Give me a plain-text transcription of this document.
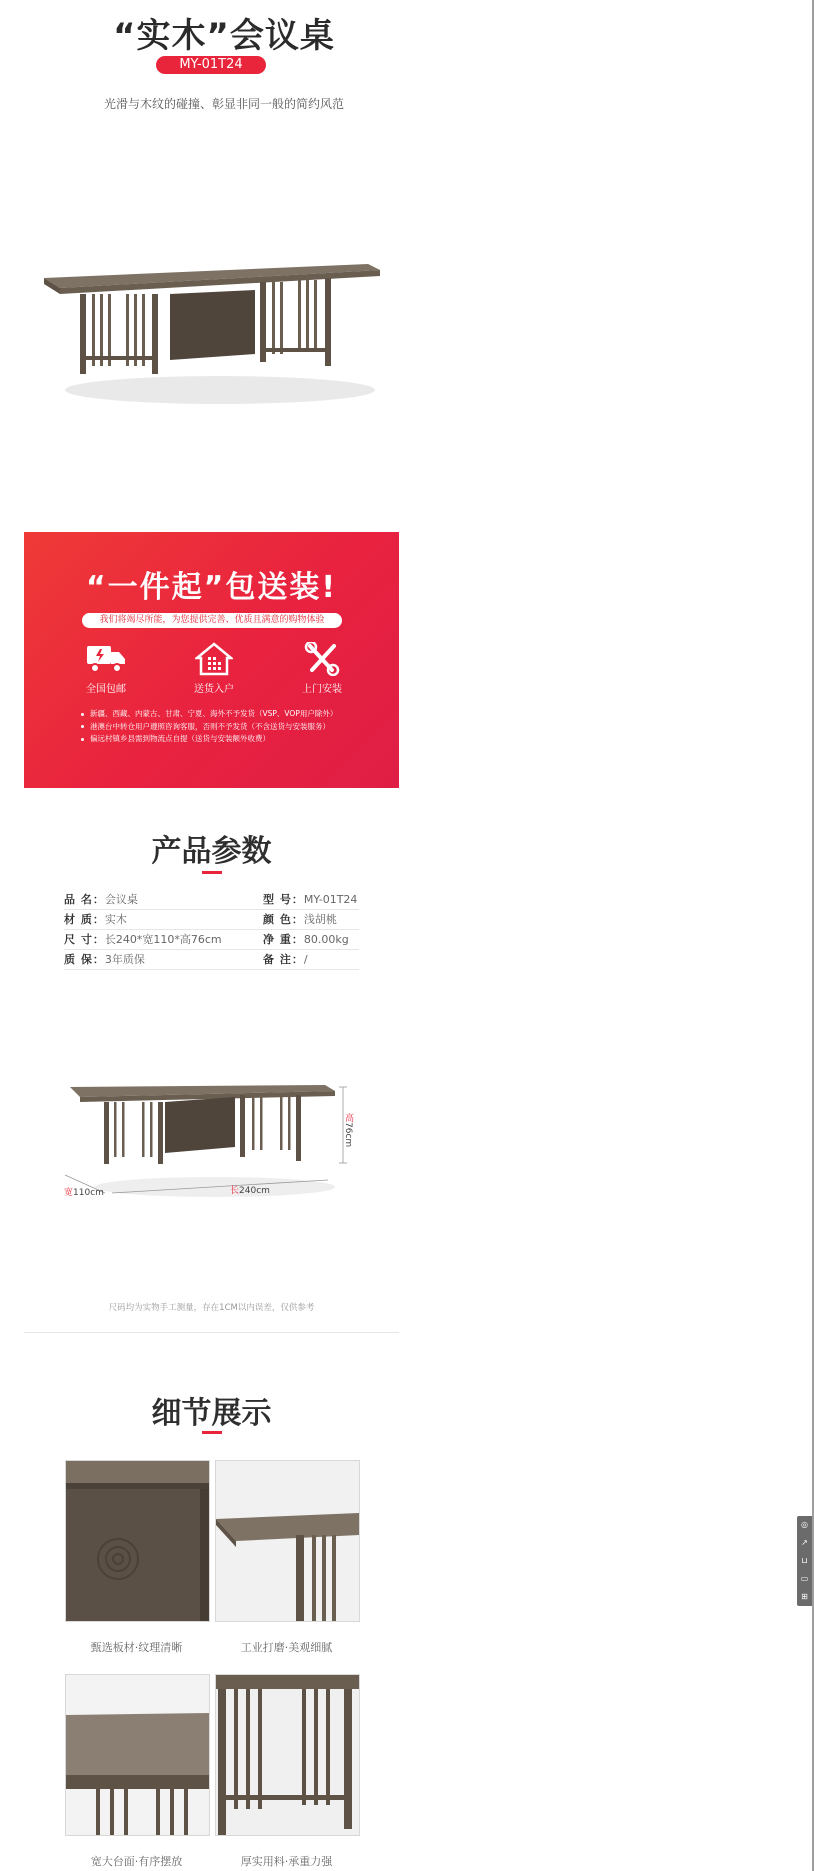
“实木”会议桌
MY-01T24
光滑与木纹的碰撞、彰显非同一般的简约风范
“一件起”包送装!
我们将竭尽所能，为您提供完善、优质且满意的购物体验
全国包邮	送货入户	上门安装
新疆、西藏、内蒙古、甘肃、宁夏、海外不予发货（VSP、VOP用户除外）
港澳台中转仓用户遵照咨询客服，否则不予发货（不含送货与安装服务）
偏远村镇乡县需到物流点自提（送货与安装额外收费）
产品参数
品 名：会议桌	型 号：MY-01T24
材 质：实木	颜 色：浅胡桃
尺 寸：长240*宽110*高76cm	净 重：80.00kg
质 保：3年质保	备 注：/
宽110cm	长240cm
高76cm
尺码均为实物手工测量，存在1CM以内误差，仅供参考
细节展示
甄选板材·纹理清晰	工业打磨·美观细腻
宽大台面·有序摆放	厚实用料·承重力强
◎
↗
⊔
▭
⊞
